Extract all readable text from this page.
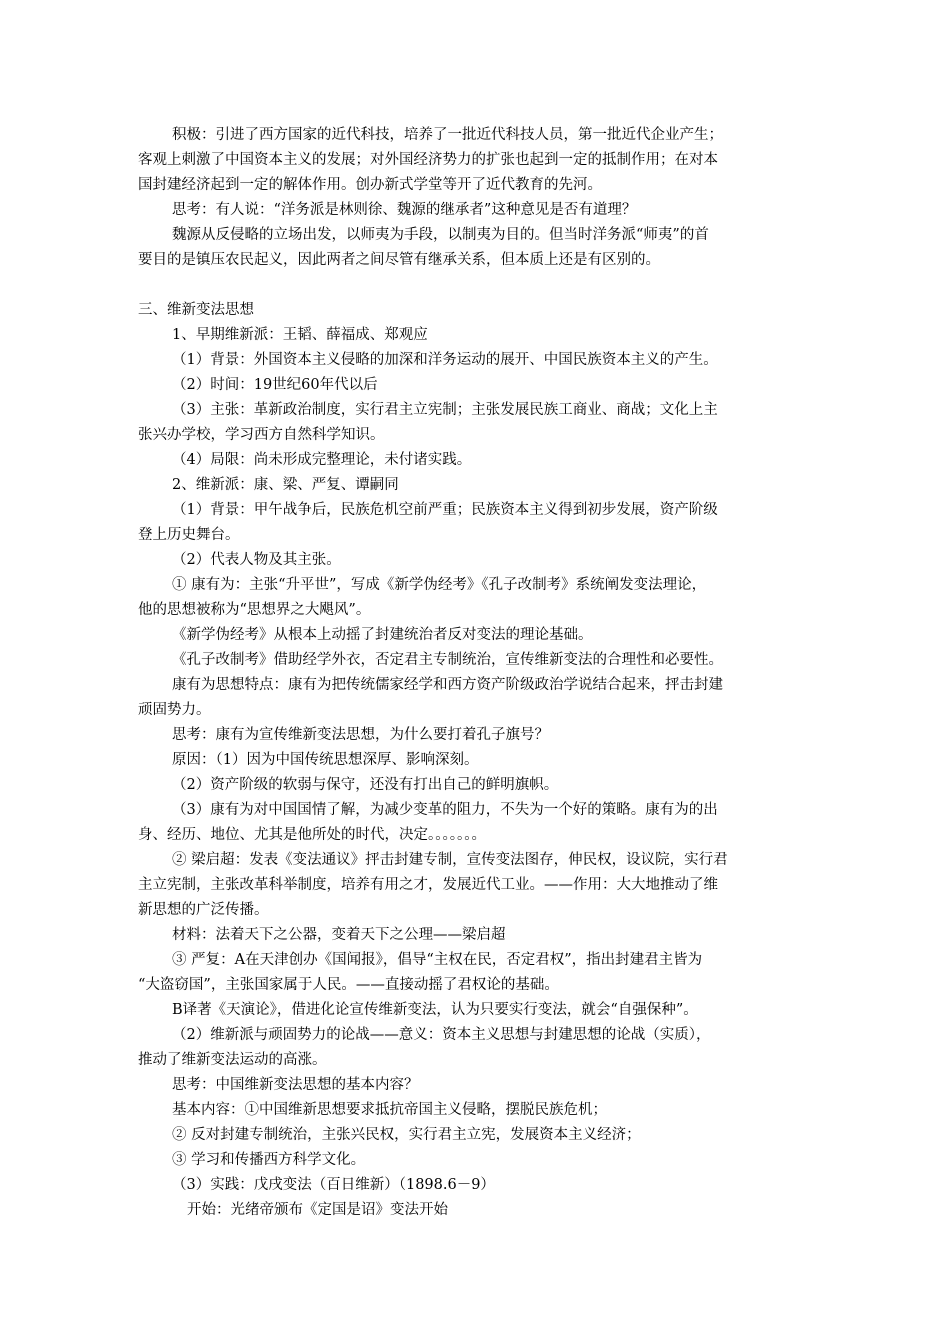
积极：引进了西方国家的近代科技，培养了一批近代科技人员，第一批近代企业产生；
客观上刺激了中国资本主义的发展；对外国经济势力的扩张也起到一定的抵制作用；在对本
国封建经济起到一定的解体作用。创办新式学堂等开了近代教育的先河。
思考：有人说：“洋务派是林则徐、魏源的继承者”这种意见是否有道理？
魏源从反侵略的立场出发，以师夷为手段，以制夷为目的。但当时洋务派“师夷”的首
要目的是镇压农民起义，因此两者之间尽管有继承关系，但本质上还是有区别的。
三、维新变法思想
1、早期维新派：王韬、薛福成、郑观应
（1）背景：外国资本主义侵略的加深和洋务运动的展开、中国民族资本主义的产生。
（2）时间：19世纪60年代以后
（3）主张：革新政治制度，实行君主立宪制；主张发展民族工商业、商战；文化上主
张兴办学校，学习西方自然科学知识。
（4）局限：尚未形成完整理论，未付诸实践。
2、维新派：康、梁、严复、谭嗣同
（1）背景：甲午战争后，民族危机空前严重；民族资本主义得到初步发展，资产阶级
登上历史舞台。
（2）代表人物及其主张。
① 康有为：主张“升平世”，写成《新学伪经考》《孔子改制考》系统阐发变法理论，
他的思想被称为“思想界之大飓风”。
《新学伪经考》从根本上动摇了封建统治者反对变法的理论基础。
《孔子改制考》借助经学外衣，否定君主专制统治，宣传维新变法的合理性和必要性。
康有为思想特点：康有为把传统儒家经学和西方资产阶级政治学说结合起来，抨击封建
顽固势力。
思考：康有为宣传维新变法思想，为什么要打着孔子旗号？
原因：（1）因为中国传统思想深厚、影响深刻。
（2）资产阶级的软弱与保守，还没有打出自己的鲜明旗帜。
（3）康有为对中国国情了解，为减少变革的阻力，不失为一个好的策略。康有为的出
身、经历、地位、尤其是他所处的时代，决定。。。。。。。
② 梁启超：发表《变法通议》抨击封建专制，宣传变法图存，伸民权，设议院，实行君
主立宪制，主张改革科举制度，培养有用之才，发展近代工业。——作用：大大地推动了维
新思想的广泛传播。
材料：法着天下之公器，变着天下之公理——梁启超
③ 严复：A在天津创办《国闻报》，倡导“主权在民，否定君权”，指出封建君主皆为
“大盗窃国”，主张国家属于人民。——直接动摇了君权论的基础。
B译著《天演论》，借进化论宣传维新变法，认为只要实行变法，就会“自强保种”。
（2）维新派与顽固势力的论战——意义：资本主义思想与封建思想的论战（实质），
推动了维新变法运动的高涨。
思考：中国维新变法思想的基本内容？
基本内容：①中国维新思想要求抵抗帝国主义侵略，摆脱民族危机；
② 反对封建专制统治，主张兴民权，实行君主立宪，发展资本主义经济；
③ 学习和传播西方科学文化。
（3）实践：戊戌变法（百日维新）（1898.6－9）
开始：光绪帝颁布《定国是诏》变法开始
